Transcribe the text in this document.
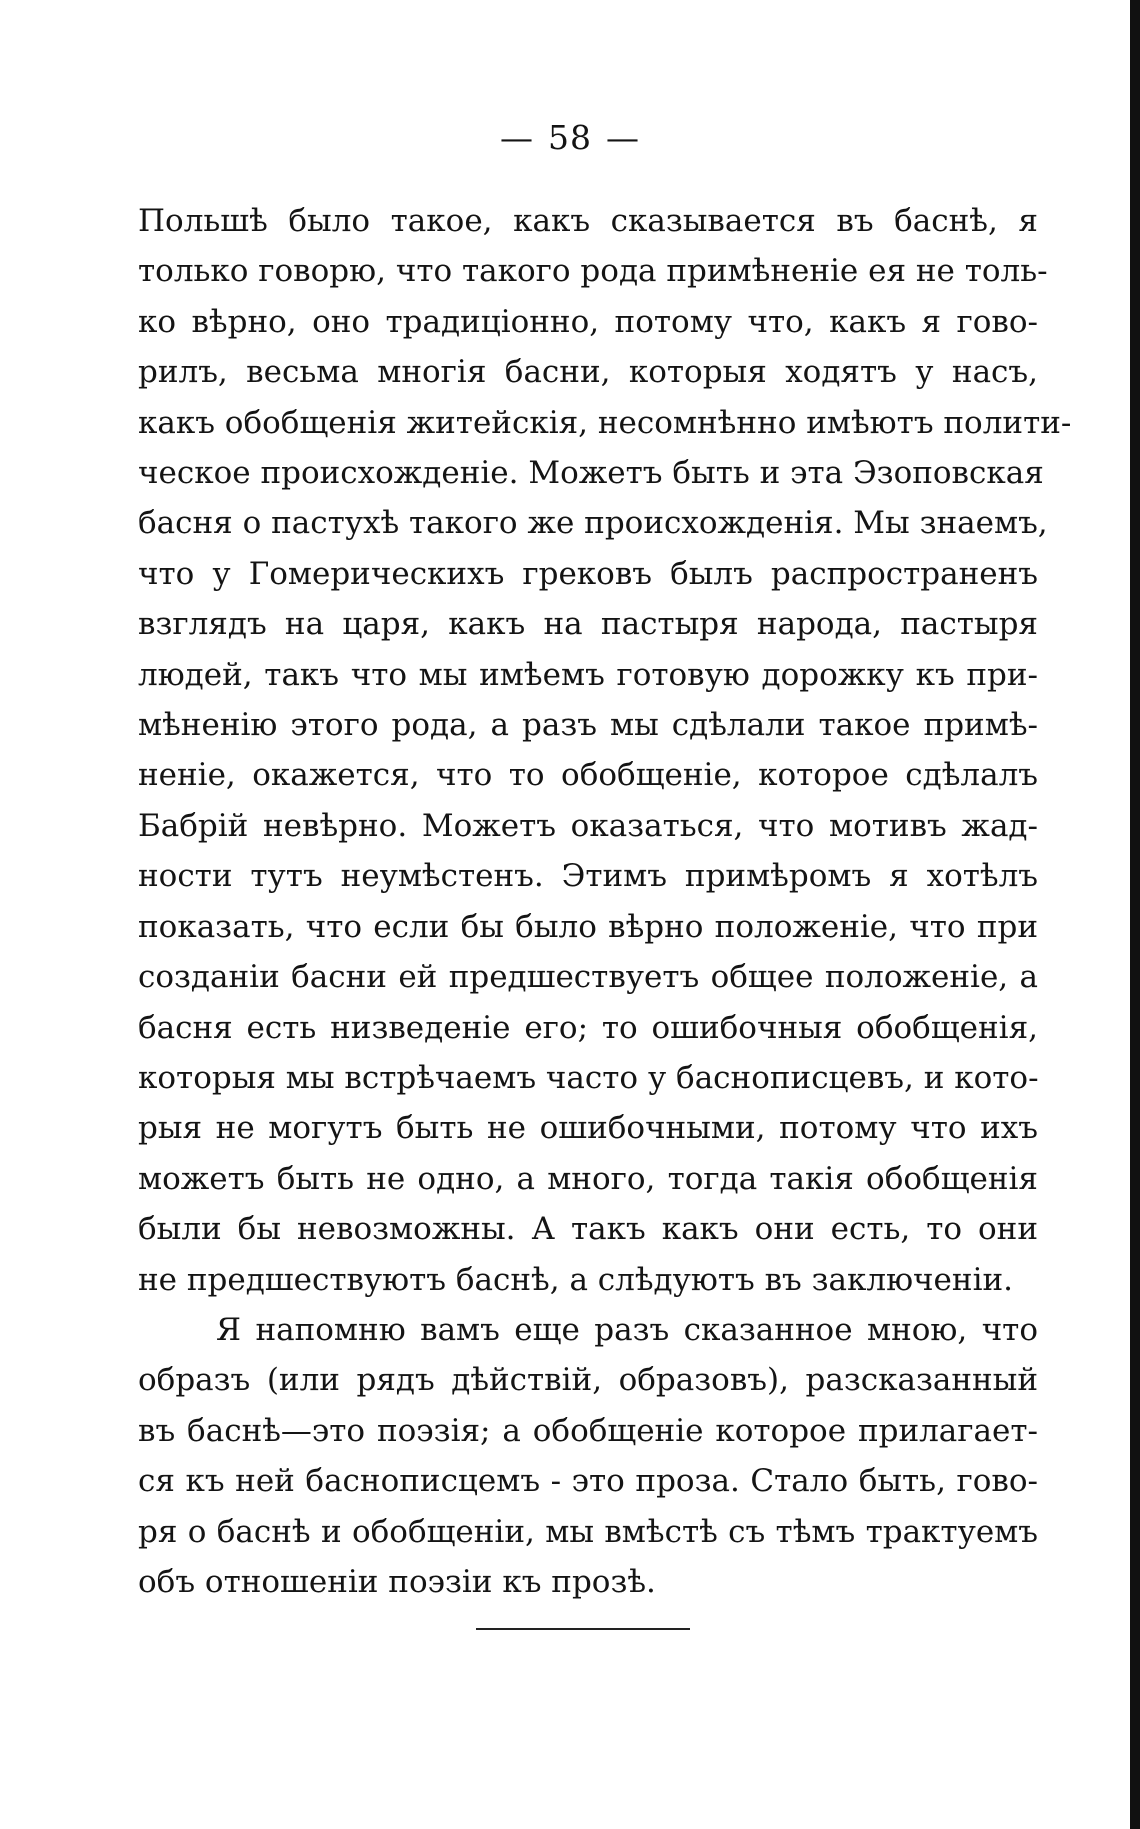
— 58 —
Польшѣ было такое, какъ сказывается въ баснѣ, я
только говорю, что такого рода примѣненіе ея не толь-
ко вѣрно, оно традиціонно, потому что, какъ я гово-
рилъ, весьма многія басни, которыя ходятъ у насъ,
какъ обобщенія житейскія, несомнѣнно имѣютъ полити-
ческое происхожденіе. Можетъ быть и эта Эзоповская
басня о пастухѣ такого же происхожденія. Мы знаемъ,
что у Гомерическихъ грековъ былъ распространенъ
взглядъ на царя, какъ на пастыря народа, пастыря
людей, такъ что мы имѣемъ готовую дорожку къ при-
мѣненію этого рода, а разъ мы сдѣлали такое примѣ-
неніе, окажется, что то обобщеніе, которое сдѣлалъ
Бабрій невѣрно. Можетъ оказаться, что мотивъ жад-
ности тутъ неумѣстенъ. Этимъ примѣромъ я хотѣлъ
показать, что если бы было вѣрно положеніе, что при
созданіи басни ей предшествуетъ общее положеніе, а
басня есть низведеніе его; то ошибочныя обобщенія,
которыя мы встрѣчаемъ часто у баснописцевъ, и кото-
рыя не могутъ быть не ошибочными, потому что ихъ
можетъ быть не одно, а много, тогда такія обобщенія
были бы невозможны. А такъ какъ они есть, то они
не предшествуютъ баснѣ, а слѣдуютъ въ заключеніи.
Я напомню вамъ еще разъ сказанное мною, что
образъ (или рядъ дѣйствій, образовъ), разсказанный
въ баснѣ—это поэзія; а обобщеніе которое прилагает-
ся къ ней баснописцемъ - это проза. Стало быть, гово-
ря о баснѣ и обобщеніи, мы вмѣстѣ съ тѣмъ трактуемъ
объ отношеніи поэзіи къ прозѣ.
